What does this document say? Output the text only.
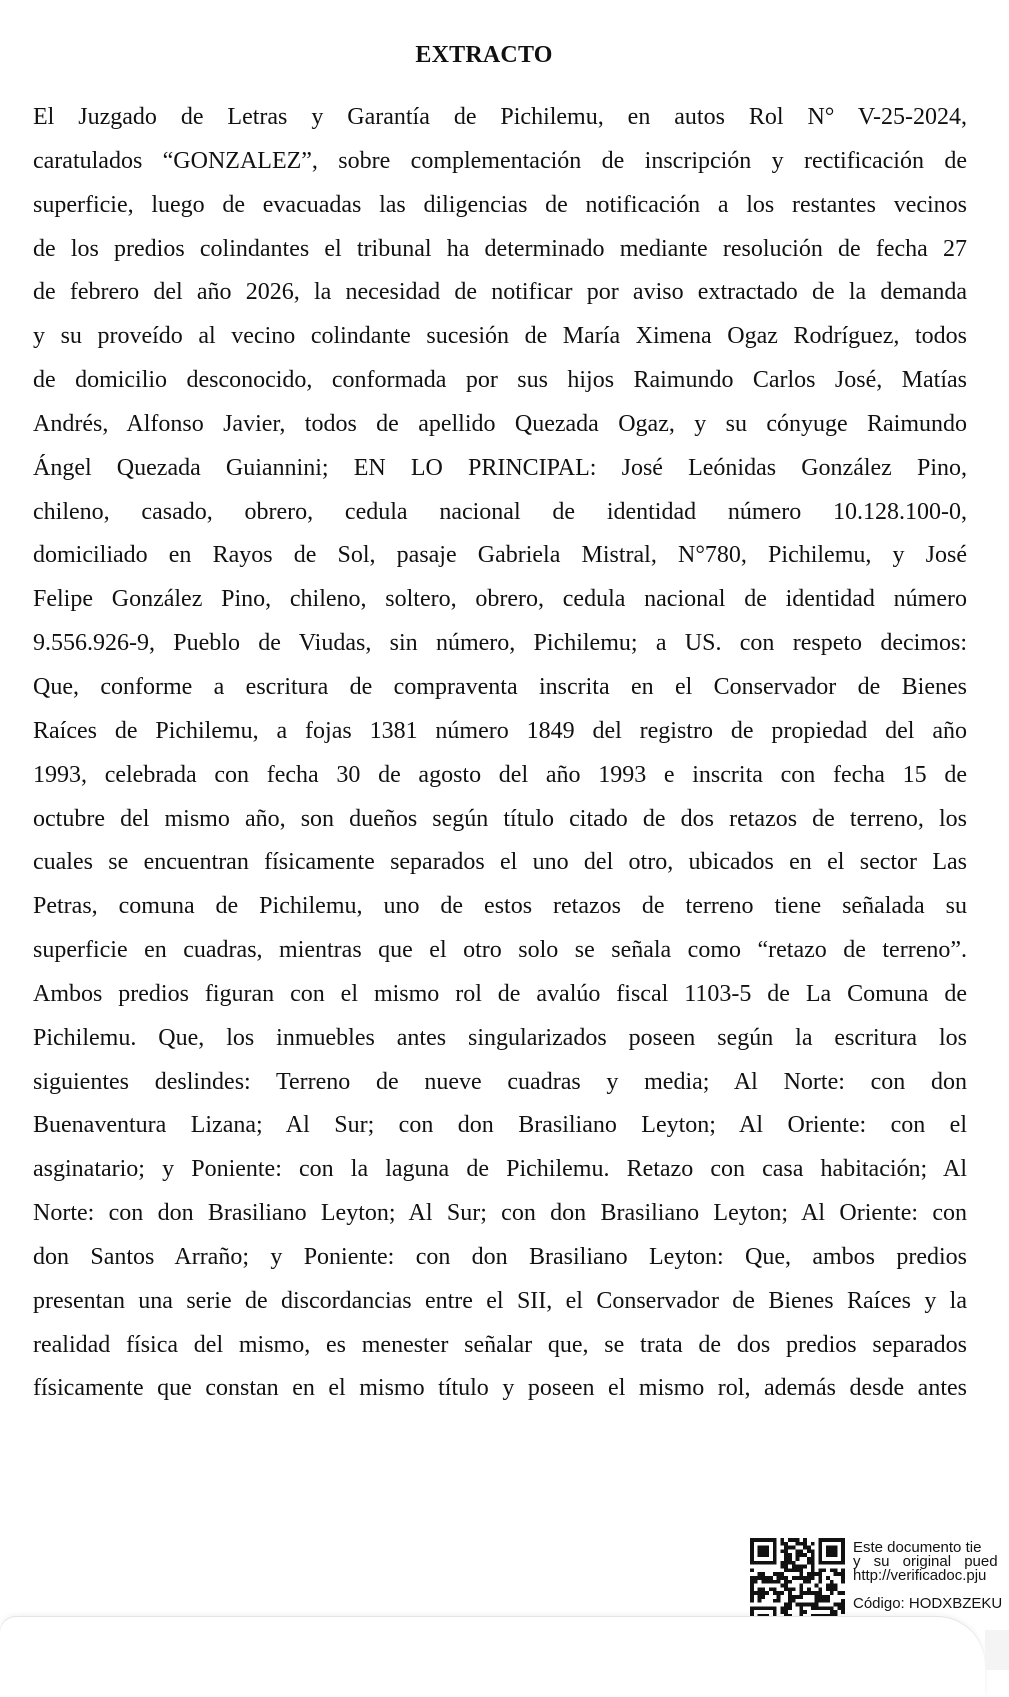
EXTRACTO
El Juzgado de Letras y Garantía de Pichilemu, en autos Rol N° V-25-2024,
caratulados “GONZALEZ”, sobre complementación de inscripción y rectificación de
superficie, luego de evacuadas las diligencias de notificación a los restantes vecinos
de los predios colindantes el tribunal ha determinado mediante resolución de fecha 27
de febrero del año 2026, la necesidad de notificar por aviso extractado de la demanda
y su proveído al vecino colindante sucesión de María Ximena Ogaz Rodríguez, todos
de domicilio desconocido, conformada por sus hijos Raimundo Carlos José, Matías
Andrés, Alfonso Javier, todos de apellido Quezada Ogaz, y su cónyuge Raimundo
Ángel Quezada Guiannini; EN LO PRINCIPAL: José Leónidas González Pino,
chileno, casado, obrero, cedula nacional de identidad número 10.128.100-0,
domiciliado en Rayos de Sol, pasaje Gabriela Mistral, N°780, Pichilemu, y José
Felipe González Pino, chileno, soltero, obrero, cedula nacional de identidad número
9.556.926-9, Pueblo de Viudas, sin número, Pichilemu; a US. con respeto decimos:
Que, conforme a escritura de compraventa inscrita en el Conservador de Bienes
Raíces de Pichilemu, a fojas 1381 número 1849 del registro de propiedad del año
1993, celebrada con fecha 30 de agosto del año 1993 e inscrita con fecha 15 de
octubre del mismo año, son dueños según título citado de dos retazos de terreno, los
cuales se encuentran físicamente separados el uno del otro, ubicados en el sector Las
Petras, comuna de Pichilemu, uno de estos retazos de terreno tiene señalada su
superficie en cuadras, mientras que el otro solo se señala como “retazo de terreno”.
Ambos predios figuran con el mismo rol de avalúo fiscal 1103-5 de La Comuna de
Pichilemu. Que, los inmuebles antes singularizados poseen según la escritura los
siguientes deslindes: Terreno de nueve cuadras y media; Al Norte: con don
Buenaventura Lizana; Al Sur; con don Brasiliano Leyton; Al Oriente: con el
asginatario; y Poniente: con la laguna de Pichilemu. Retazo con casa habitación; Al
Norte: con don Brasiliano Leyton; Al Sur; con don Brasiliano Leyton; Al Oriente: con
don Santos Arraño; y Poniente: con don Brasiliano Leyton: Que, ambos predios
presentan una serie de discordancias entre el SII, el Conservador de Bienes Raíces y la
realidad física del mismo, es menester señalar que, se trata de dos predios separados
físicamente que constan en el mismo título y poseen el mismo rol, además desde antes
Este documento tie
y su original pued
http://verificadoc.pju
Código: HODXBZEKU
